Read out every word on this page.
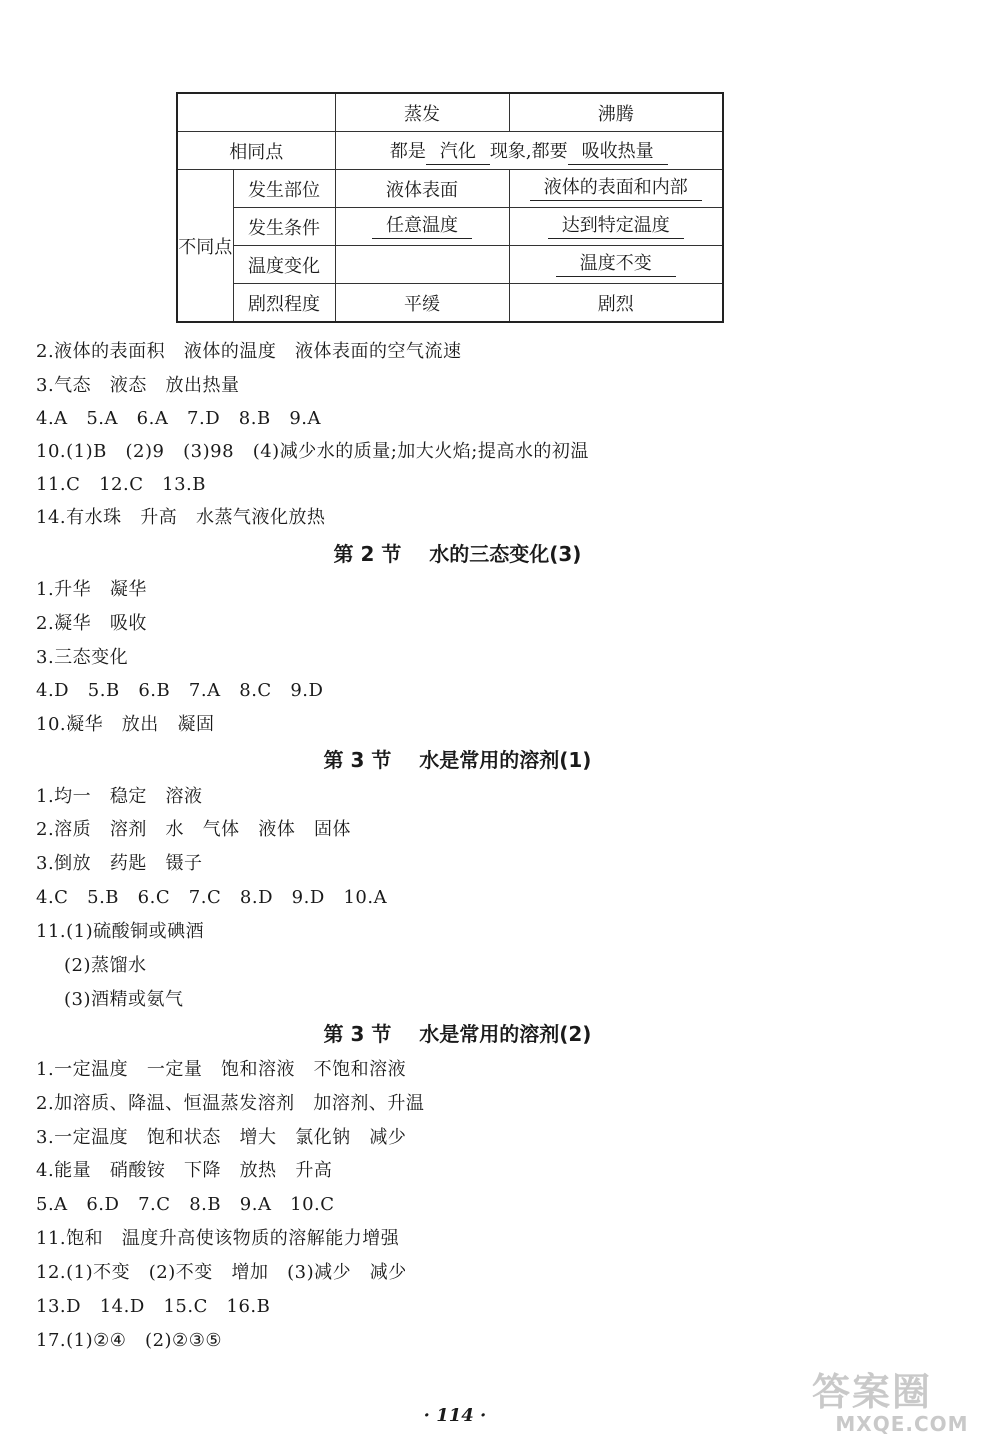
		蒸发	沸腾
相同点		都是 汽化 现象,都要 吸收热量	
不同点	发生部位	液体表面	液体的表面和内部
	发生条件	任意温度	达到特定温度
	温度变化		温度不变
	剧烈程度	平缓	剧烈
2.液体的表面积   液体的温度   液体表面的空气流速
3.气态   液态   放出热量
4.A   5.A   6.A   7.D   8.B   9.A
10.(1)B   (2)9   (3)98   (4)减少水的质量;加大火焰;提高水的初温
11.C   12.C   13.B
14.有水珠   升高   水蒸气液化放热
第 2 节    水的三态变化(3)
1.升华   凝华
2.凝华   吸收
3.三态变化
4.D   5.B   6.B   7.A   8.C   9.D
10.凝华   放出   凝固
第 3 节    水是常用的溶剂(1)
1.均一   稳定   溶液
2.溶质   溶剂   水   气体   液体   固体
3.倒放   药匙   镊子
4.C   5.B   6.C   7.C   8.D   9.D   10.A
11.(1)硫酸铜或碘酒
(2)蒸馏水
(3)酒精或氨气
第 3 节    水是常用的溶剂(2)
1.一定温度   一定量   饱和溶液   不饱和溶液
2.加溶质、降温、恒温蒸发溶剂   加溶剂、升温
3.一定温度   饱和状态   增大   氯化钠   减少
4.能量   硝酸铵   下降   放热   升高
5.A   6.D   7.C   8.B   9.A   10.C
11.饱和   温度升高使该物质的溶解能力增强
12.(1)不变   (2)不变   增加   (3)减少   减少
13.D   14.D   15.C   16.B
17.(1)②④   (2)②③⑤
· 114 ·
答案圈
MXQE.COM
